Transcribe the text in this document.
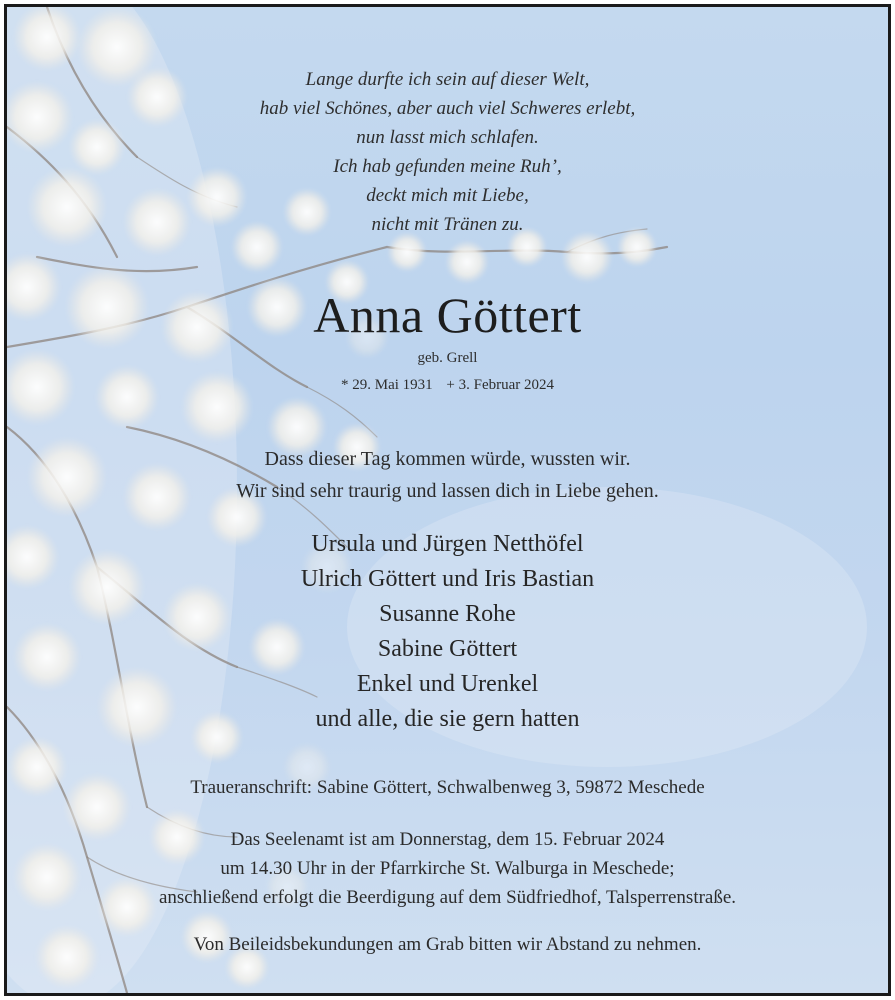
Lange durfte ich sein auf dieser Welt,
hab viel Schönes, aber auch viel Schweres erlebt,
nun lasst mich schlafen.
Ich hab gefunden meine Ruh’,
deckt mich mit Liebe,
nicht mit Tränen zu.
Anna Göttert
geb. Grell
* 29. Mai 1931 + 3. Februar 2024
Dass dieser Tag kommen würde, wussten wir.
Wir sind sehr traurig und lassen dich in Liebe gehen.
Ursula und Jürgen Netthöfel
Ulrich Göttert und Iris Bastian
Susanne Rohe
Sabine Göttert
Enkel und Urenkel
und alle, die sie gern hatten
Traueranschrift: Sabine Göttert, Schwalbenweg 3, 59872 Meschede
Das Seelenamt ist am Donnerstag, dem 15. Februar 2024
um 14.30 Uhr in der Pfarrkirche St. Walburga in Meschede;
anschließend erfolgt die Beerdigung auf dem Südfriedhof, Talsperrenstraße.
Von Beileidsbekundungen am Grab bitten wir Abstand zu nehmen.
